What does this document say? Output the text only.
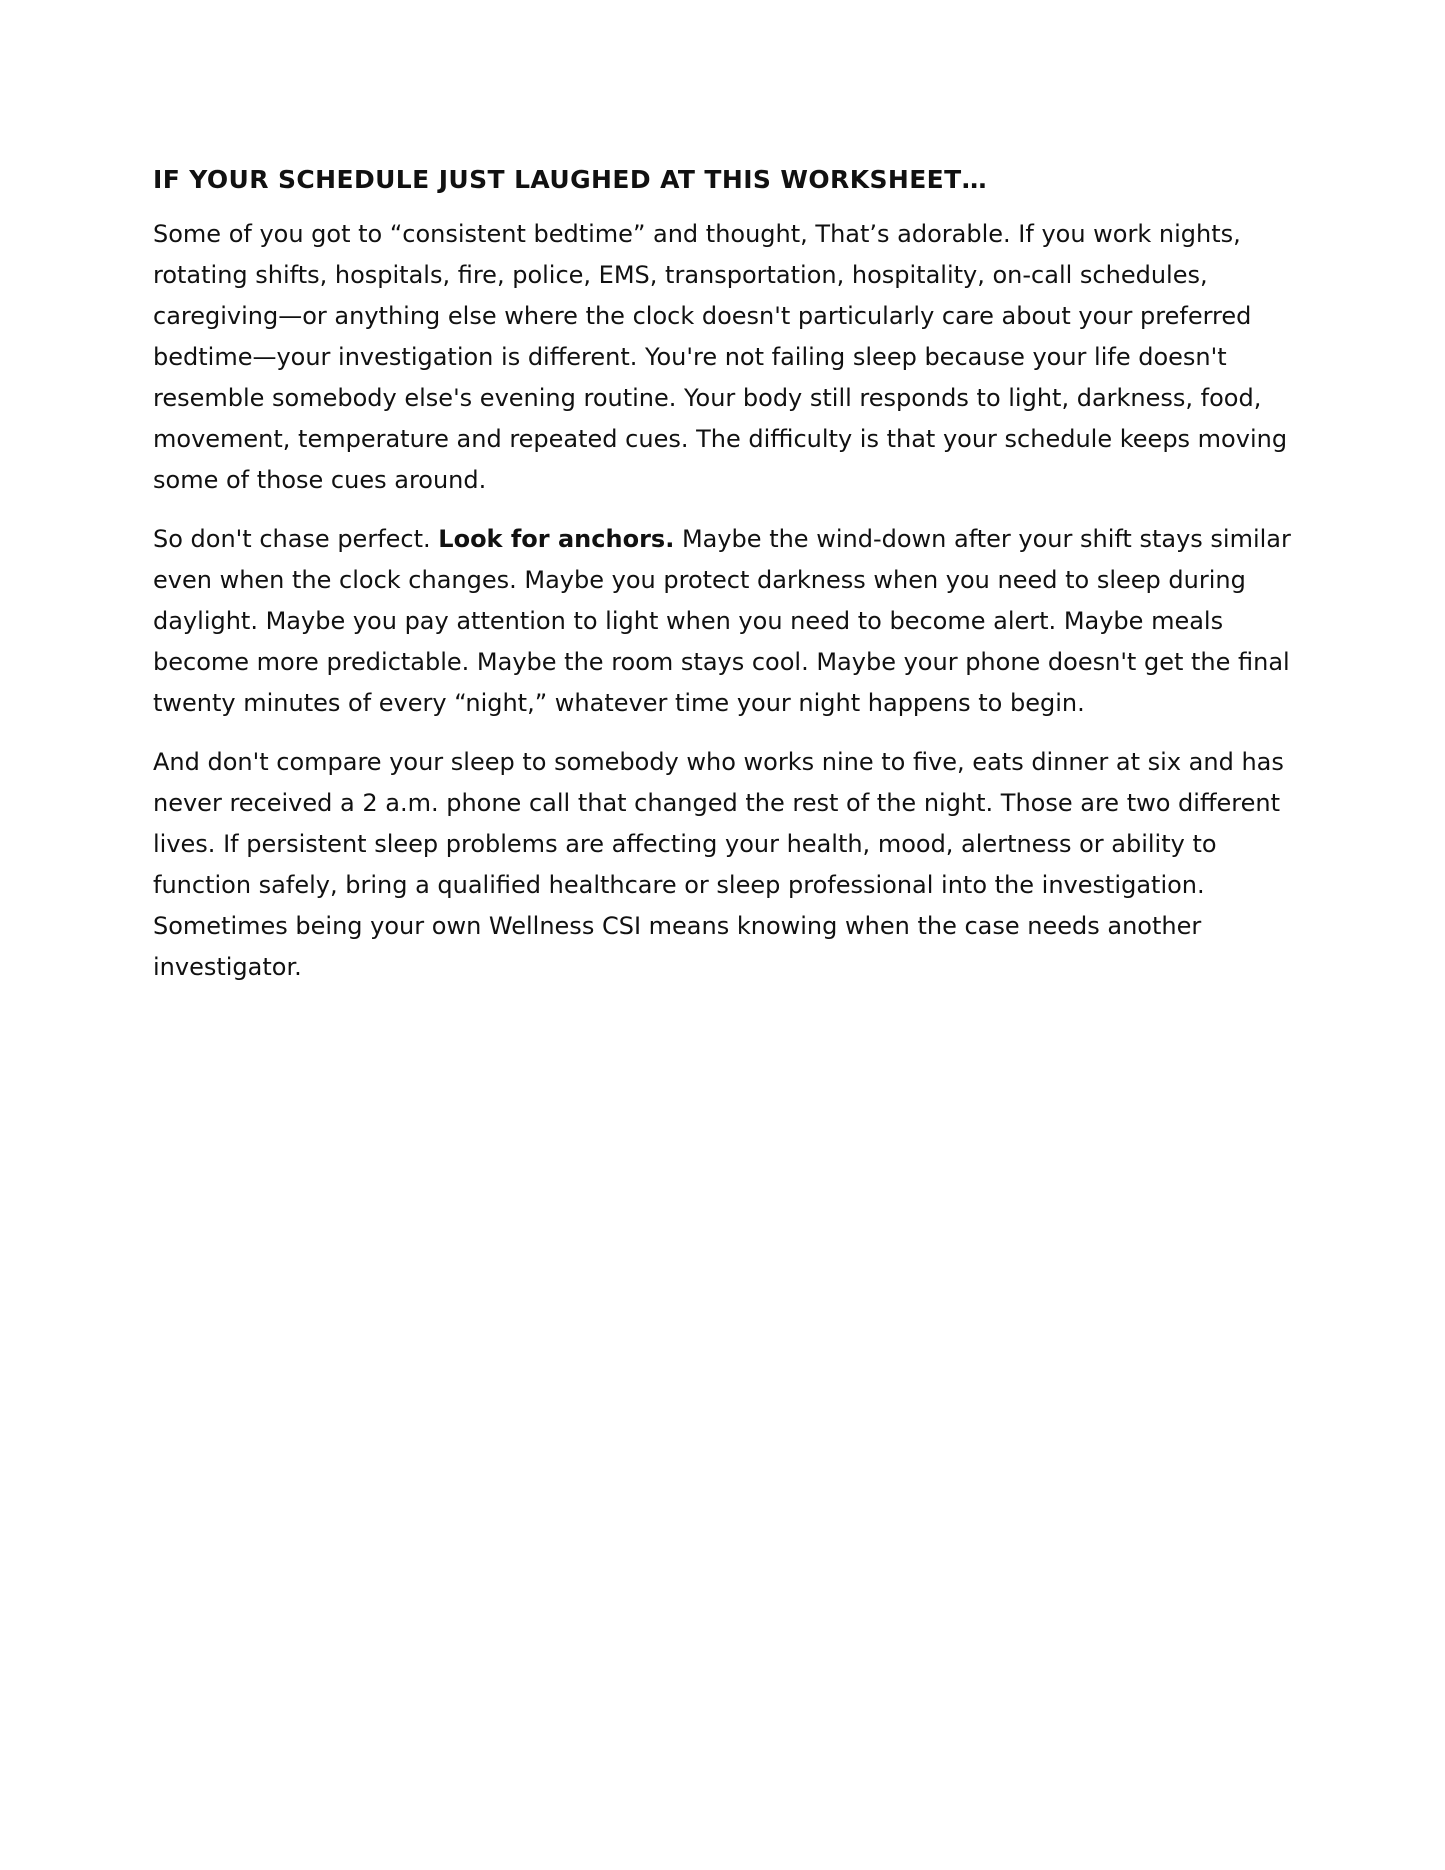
IF YOUR SCHEDULE JUST LAUGHED AT THIS WORKSHEET…

Some of you got to “consistent bedtime” and thought, That’s adorable. If you work nights, rotating shifts, hospitals, fire, police, EMS, transportation, hospitality, on-call schedules, caregiving—or anything else where the clock doesn't particularly care about your preferred bedtime—your investigation is different. You're not failing sleep because your life doesn't resemble somebody else's evening routine. Your body still responds to light, darkness, food, movement, temperature and repeated cues. The difficulty is that your schedule keeps moving some of those cues around.

So don't chase perfect. Look for anchors. Maybe the wind-down after your shift stays similar even when the clock changes. Maybe you protect darkness when you need to sleep during daylight. Maybe you pay attention to light when you need to become alert. Maybe meals become more predictable. Maybe the room stays cool. Maybe your phone doesn't get the final twenty minutes of every “night,” whatever time your night happens to begin.

And don't compare your sleep to somebody who works nine to five, eats dinner at six and has never received a 2 a.m. phone call that changed the rest of the night. Those are two different lives. If persistent sleep problems are affecting your health, mood, alertness or ability to function safely, bring a qualified healthcare or sleep professional into the investigation. Sometimes being your own Wellness CSI means knowing when the case needs another investigator.
